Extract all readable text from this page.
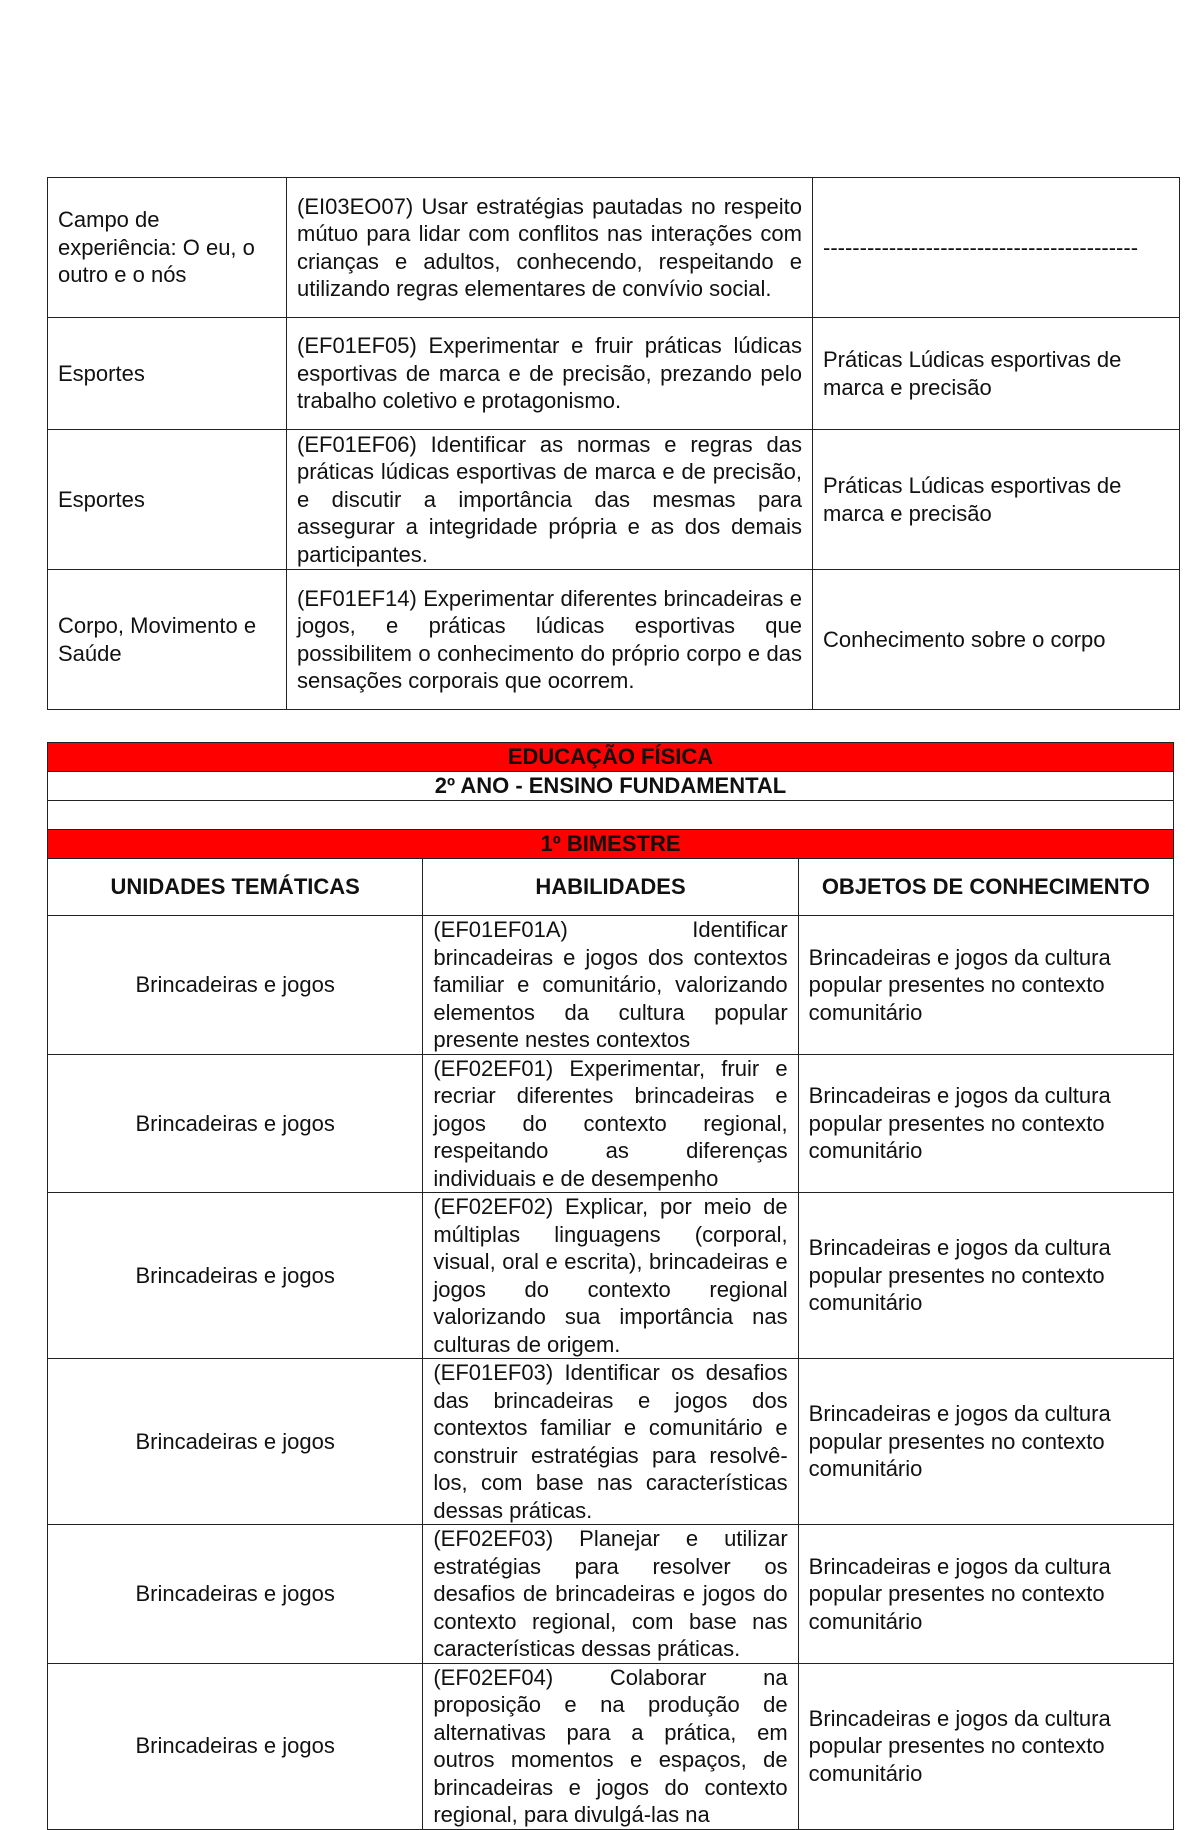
Campo de experiência: O eu, o outro e o nós	(EI03EO07) Usar estratégias pautadas no respeito mútuo para lidar com conflitos nas interações com crianças e adultos, conhecendo, respeitando e utilizando regras elementares de convívio social.	-------------------------------------------
Esportes	(EF01EF05) Experimentar e fruir práticas lúdicas esportivas de marca e de precisão, prezando pelo trabalho coletivo e protagonismo.	Práticas Lúdicas esportivas de marca e precisão
Esportes	(EF01EF06) Identificar as normas e regras das práticas lúdicas esportivas de marca e de precisão, e discutir a importância das mesmas para assegurar a integridade própria e as dos demais participantes.	Práticas Lúdicas esportivas de marca e precisão
Corpo, Movimento e Saúde	(EF01EF14) Experimentar diferentes brincadeiras e jogos, e práticas lúdicas esportivas que possibilitem o conhecimento do próprio corpo e das sensações corporais que ocorrem.	Conhecimento sobre o corpo
EDUCAÇÃO FÍSICA		
2º ANO - ENSINO FUNDAMENTAL		

1º BIMESTRE		
UNIDADES TEMÁTICAS	HABILIDADES	OBJETOS DE CONHECIMENTO
Brincadeiras e jogos	(EF01EF01A) Identificar brincadeiras e jogos dos contextos familiar e comunitário, valorizando elementos da cultura popular presente nestes contextos	Brincadeiras e jogos da cultura popular presentes no contexto comunitário
Brincadeiras e jogos	(EF02EF01) Experimentar, fruir e recriar diferentes brincadeiras e jogos do contexto regional, respeitando as diferenças individuais e de desempenho	Brincadeiras e jogos da cultura popular presentes no contexto comunitário
Brincadeiras e jogos	(EF02EF02) Explicar, por meio de múltiplas linguagens (corporal, visual, oral e escrita), brincadeiras e jogos do contexto regional valorizando sua importância nas culturas de origem.	Brincadeiras e jogos da cultura popular presentes no contexto comunitário
Brincadeiras e jogos	(EF01EF03) Identificar os desafios das brincadeiras e jogos dos contextos familiar e comunitário e construir estratégias para resolvê-los, com base nas características dessas práticas.	Brincadeiras e jogos da cultura popular presentes no contexto comunitário
Brincadeiras e jogos	(EF02EF03) Planejar e utilizar estratégias para resolver os desafios de brincadeiras e jogos do contexto regional, com base nas características dessas práticas.	Brincadeiras e jogos da cultura popular presentes no contexto comunitário
Brincadeiras e jogos	(EF02EF04) Colaborar na proposição e na produção de alternativas para a prática, em outros momentos e espaços, de brincadeiras e jogos do contexto regional, para divulgá-las na	Brincadeiras e jogos da cultura popular presentes no contexto comunitário
